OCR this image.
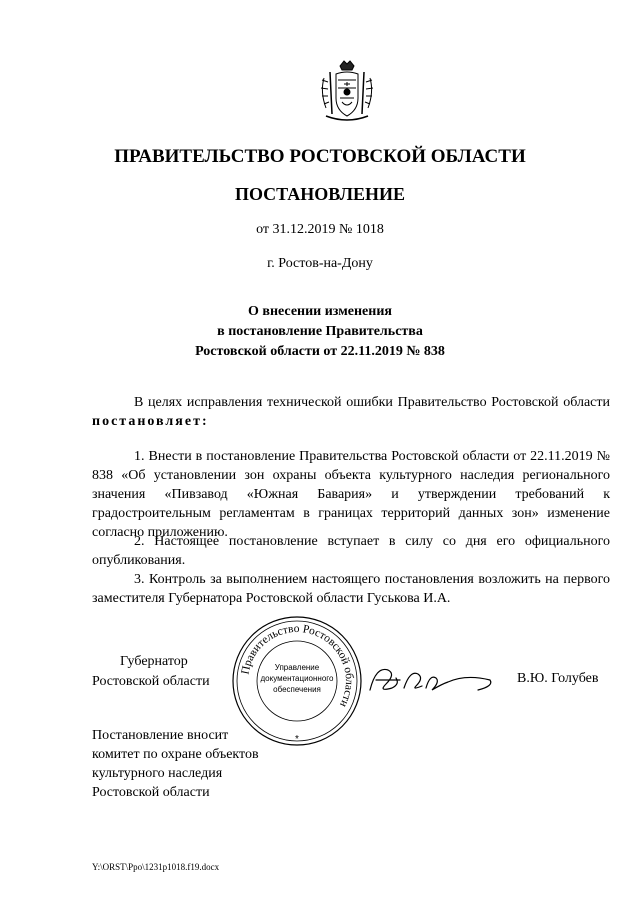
ПРАВИТЕЛЬСТВО РОСТОВСКОЙ ОБЛАСТИ
ПОСТАНОВЛЕНИЕ
от 31.12.2019 № 1018
г. Ростов-на-Дону
О внесении изменения
в постановление Правительства
Ростовской области от 22.11.2019 № 838
В целях исправления технической ошибки Правительство Ростовской области постановляет:
1. Внести в постановление Правительства Ростовской области от 22.11.2019 № 838 «Об установлении зон охраны объекта культурного наследия регионального значения «Пивзавод «Южная Бавария» и утверждении требований к градостроительным регламентам в границах территорий данных зон» изменение согласно приложению.
2. Настоящее постановление вступает в силу со дня его официального опубликования.
3. Контроль за выполнением настоящего постановления возложить на первого заместителя Губернатора Ростовской области Гуськова И.А.
Губернатор
Ростовской области
Правительство Ростовской области
Управление
документационного
обеспечения
*
В.Ю. Голубев
Постановление вносит
комитет по охране объектов
культурного наследия
Ростовской области
Y:\ORST\Ppo\1231p1018.f19.docx
